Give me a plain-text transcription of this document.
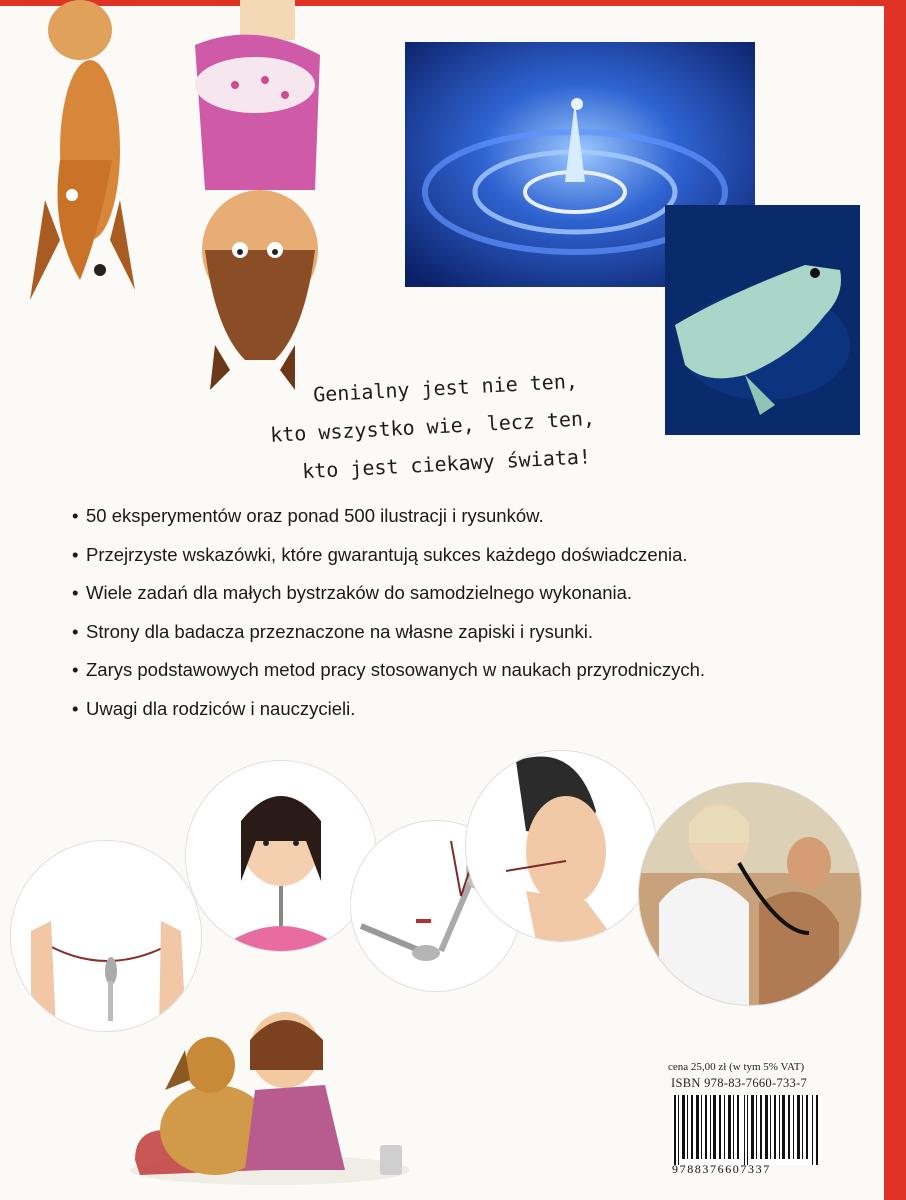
Genialny jest nie ten,
kto wszystko wie, lecz ten,
kto jest ciekawy świata!
• 50 eksperymentów oraz ponad 500 ilustracji i rysunków.
• Przejrzyste wskazówki, które gwarantują sukces każdego doświadczenia.
• Wiele zadań dla małych bystrzaków do samodzielnego wykonania.
• Strony dla badacza przeznaczone na własne zapiski i rysunki.
• Zarys podstawowych metod pracy stosowanych w naukach przyrodniczych.
• Uwagi dla rodziców i nauczycieli.
cena 25,00 zł (w tym 5% VAT)
ISBN 978-83-7660-733-7
9788376607337
